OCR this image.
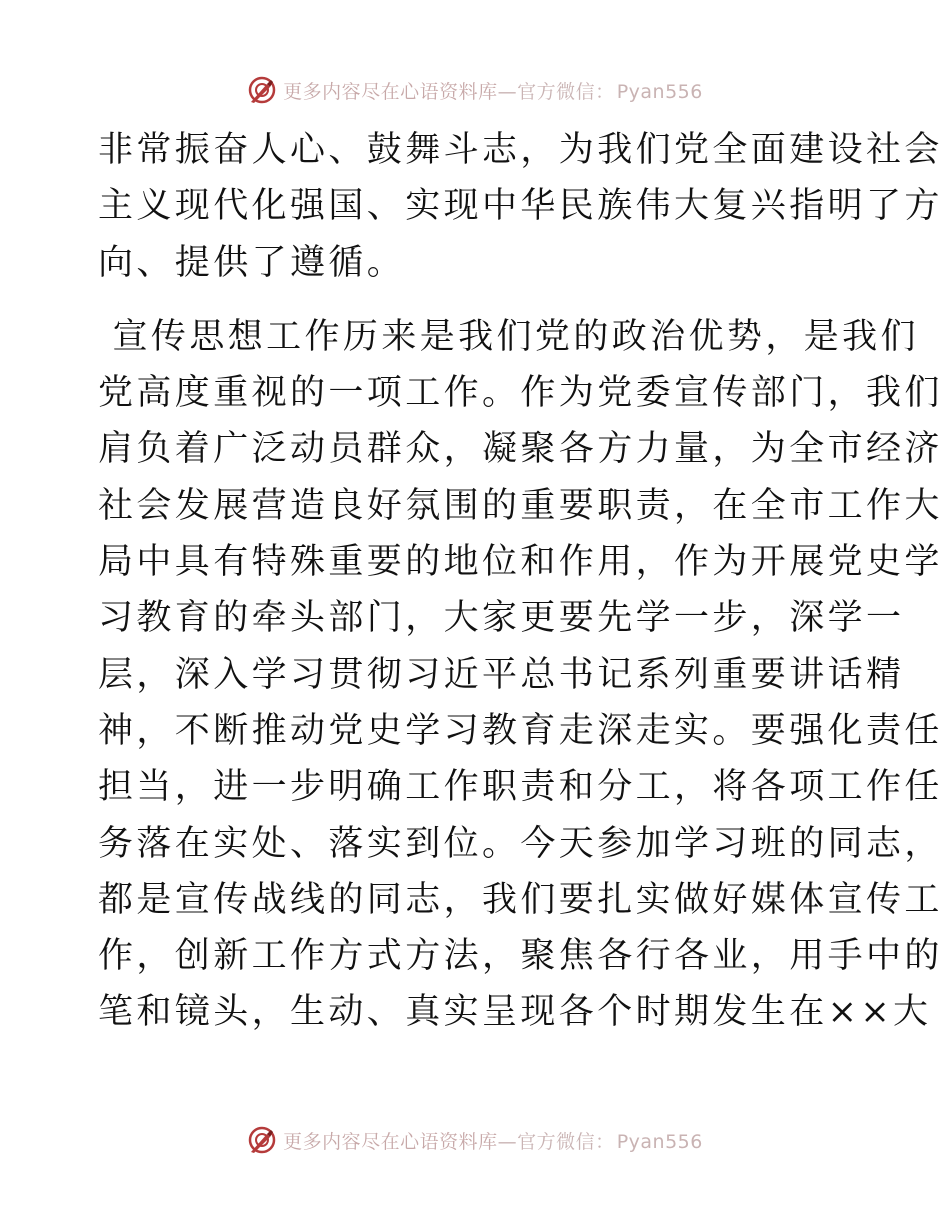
更多内容尽在心语资料库—官方微信： Pyan556

非常振奋人心、鼓舞斗志，为我们党全面建设社会
主义现代化强国、实现中华民族伟大复兴指明了方
向、提供了遵循。

宣传思想工作历来是我们党的政治优势，是我们
党高度重视的一项工作。作为党委宣传部门，我们
肩负着广泛动员群众，凝聚各方力量，为全市经济
社会发展营造良好氛围的重要职责，在全市工作大
局中具有特殊重要的地位和作用，作为开展党史学
习教育的牵头部门，大家更要先学一步，深学一
层，深入学习贯彻习近平总书记系列重要讲话精
神，不断推动党史学习教育走深走实。要强化责任
担当，进一步明确工作职责和分工，将各项工作任
务落在实处、落实到位。今天参加学习班的同志，
都是宣传战线的同志，我们要扎实做好媒体宣传工
作，创新工作方式方法，聚焦各行各业，用手中的
笔和镜头，生动、真实呈现各个时期发生在××大

更多内容尽在心语资料库—官方微信： Pyan556
